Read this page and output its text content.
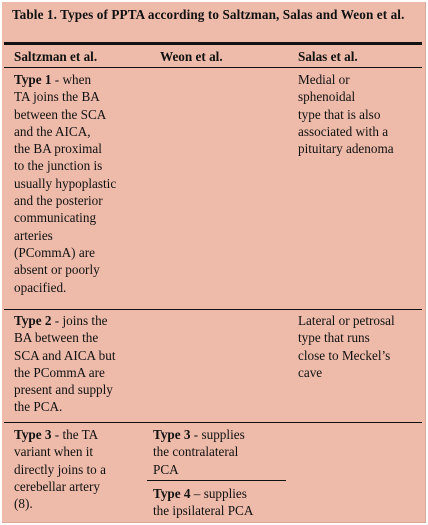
Table 1. Types of PPTA according to Saltzman, Salas and Weon et al.
Saltzman et al.	Weon et al.	Salas et al.
Type 1 - when
TA joins the BA
between the SCA
and the AICA,
the BA proximal
to the junction is
usually hypoplastic
and the posterior
communicating
arteries
(PCommA) are
absent or poorly
opacified.
Medial or
sphenoidal
type that is also
associated with a
pituitary adenoma
Type 2 - joins the
BA between the
SCA and AICA but
the PCommA are
present and supply
the PCA.
Lateral or petrosal
type that runs
close to Meckel’s
cave
Type 3 - the TA
variant when it
directly joins to a
cerebellar artery
(8).
Type 3 - supplies
the contralateral
PCA
Type 4 – supplies
the ipsilateral PCA
